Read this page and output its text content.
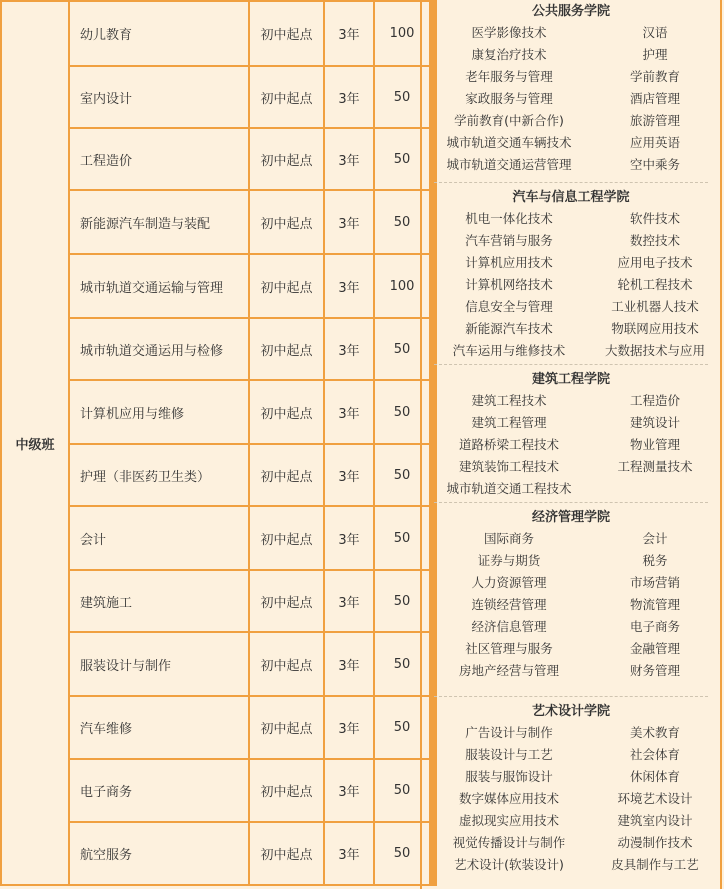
中级班	幼儿教育	初中起点	3年	100	
	室内设计	初中起点	3年	50	
	工程造价	初中起点	3年	50	
	新能源汽车制造与装配	初中起点	3年	50	
	城市轨道交通运输与管理	初中起点	3年	100	
	城市轨道交通运用与检修	初中起点	3年	50	
	计算机应用与维修	初中起点	3年	50	
	护理（非医药卫生类）	初中起点	3年	50	
	会计	初中起点	3年	50	
	建筑施工	初中起点	3年	50	
	服装设计与制作	初中起点	3年	50	
	汽车维修	初中起点	3年	50	
	电子商务	初中起点	3年	50	
	航空服务	初中起点	3年	50	
公共服务学院
医学影像技术	汉语
康复治疗技术	护理
老年服务与管理	学前教育
家政服务与管理	酒店管理
学前教育(中新合作)	旅游管理
城市轨道交通车辆技术	应用英语
城市轨道交通运营管理	空中乘务
汽车与信息工程学院
机电一体化技术	软件技术
汽车营销与服务	数控技术
计算机应用技术	应用电子技术
计算机网络技术	轮机工程技术
信息安全与管理	工业机器人技术
新能源汽车技术	物联网应用技术
汽车运用与维修技术	大数据技术与应用
建筑工程学院
建筑工程技术	工程造价
建筑工程管理	建筑设计
道路桥梁工程技术	物业管理
建筑装饰工程技术	工程测量技术
城市轨道交通工程技术
经济管理学院
国际商务	会计
证券与期货	税务
人力资源管理	市场营销
连锁经营管理	物流管理
经济信息管理	电子商务
社区管理与服务	金融管理
房地产经营与管理	财务管理
艺术设计学院
广告设计与制作	美术教育
服装设计与工艺	社会体育
服装与服饰设计	休闲体育
数字媒体应用技术	环境艺术设计
虚拟现实应用技术	建筑室内设计
视觉传播设计与制作	动漫制作技术
艺术设计(软装设计)	皮具制作与工艺
